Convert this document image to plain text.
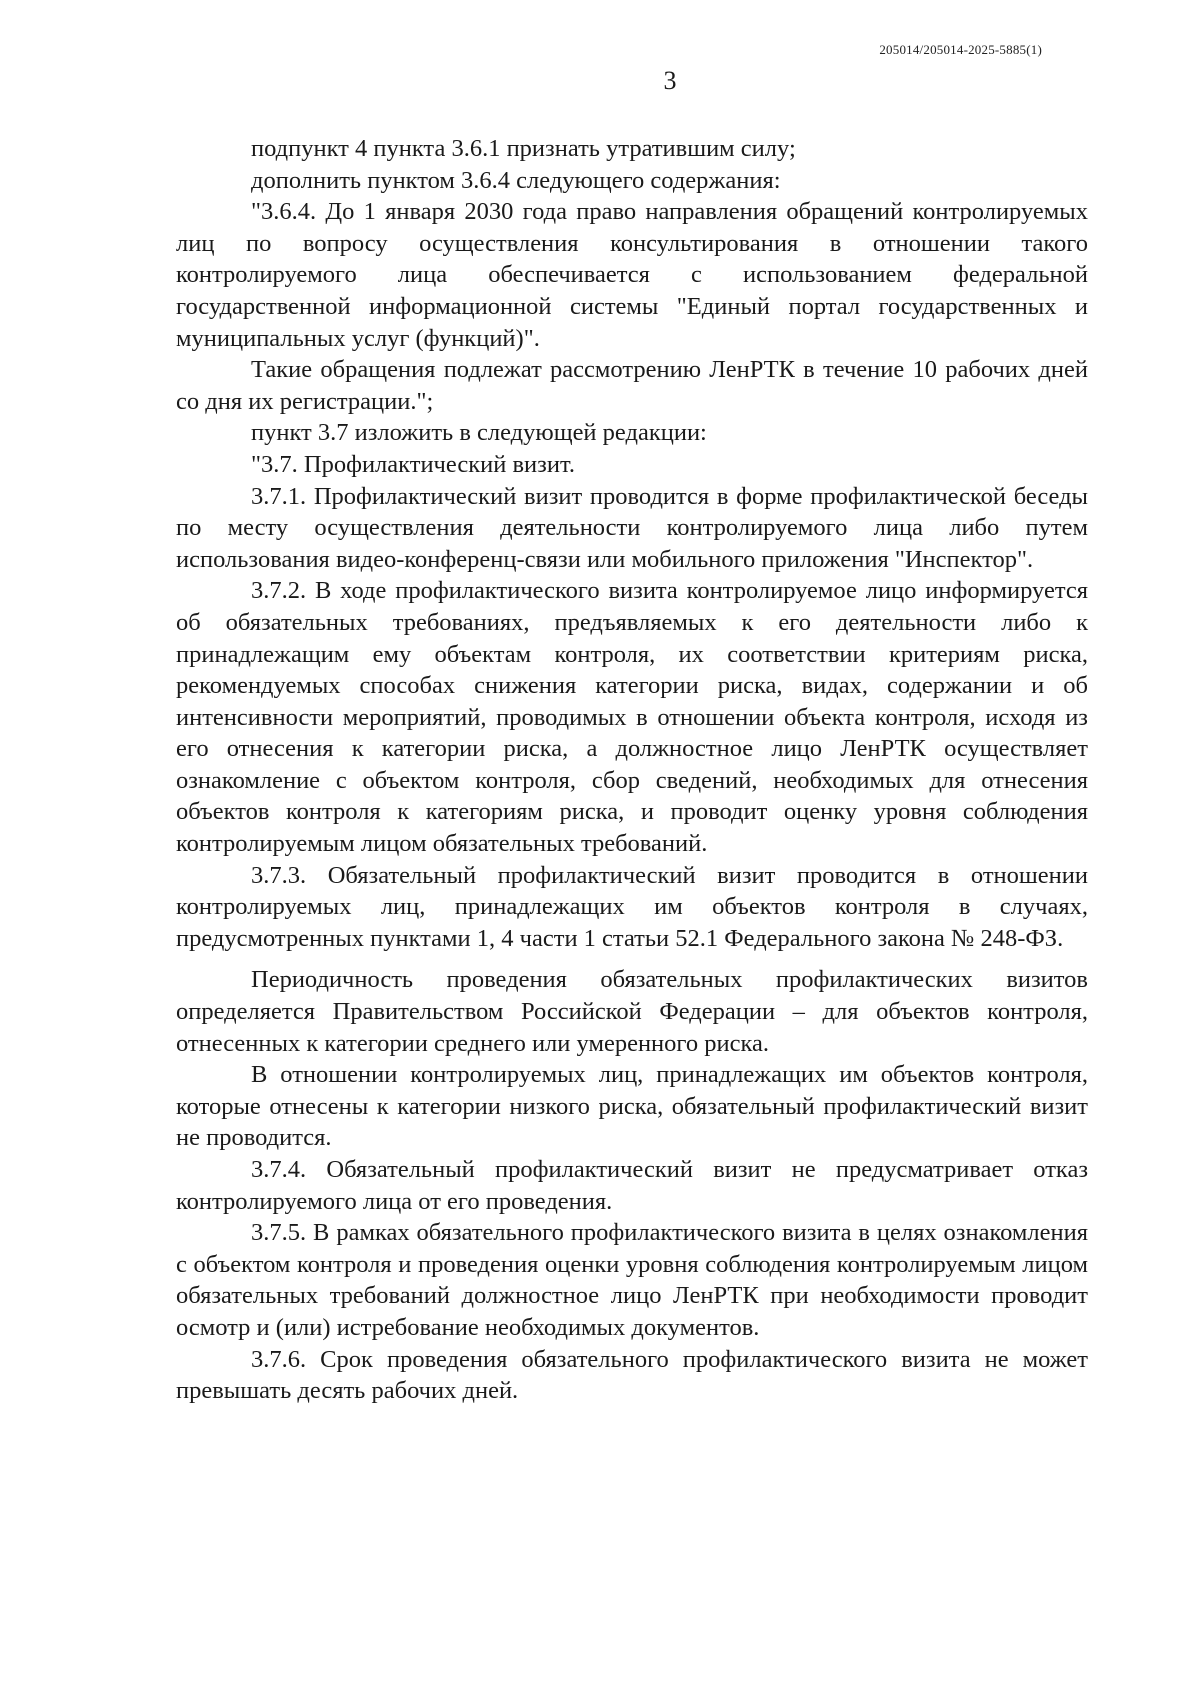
205014/205014-2025-5885(1)
3

подпункт 4 пункта 3.6.1 признать утратившим силу;

дополнить пунктом 3.6.4 следующего содержания:

"3.6.4. До 1 января 2030 года право направления обращений контролируемых лиц по вопросу осуществления консультирования в отношении такого контролируемого лица обеспечивается с использованием федеральной государственной информационной системы "Единый портал государственных и муниципальных услуг (функций)".

Такие обращения подлежат рассмотрению ЛенРТК в течение 10 рабочих дней со дня их регистрации.";

пункт 3.7 изложить в следующей редакции:

"3.7. Профилактический визит.

3.7.1. Профилактический визит проводится в форме профилактической беседы по месту осуществления деятельности контролируемого лица либо путем использования видео-конференц-связи или мобильного приложения "Инспектор".

3.7.2. В ходе профилактического визита контролируемое лицо информируется об обязательных требованиях, предъявляемых к его деятельности либо к принадлежащим ему объектам контроля, их соответствии критериям риска, рекомендуемых способах снижения категории риска, видах, содержании и об интенсивности мероприятий, проводимых в отношении объекта контроля, исходя из его отнесения к категории риска, а должностное лицо ЛенРТК осуществляет ознакомление с объектом контроля, сбор сведений, необходимых для отнесения объектов контроля к категориям риска, и проводит оценку уровня соблюдения контролируемым лицом обязательных требований.

3.7.3. Обязательный профилактический визит проводится в отношении контролируемых лиц, принадлежащих им объектов контроля в случаях, предусмотренных пунктами 1, 4 части 1 статьи 52.1 Федерального закона № 248-ФЗ.

Периодичность проведения обязательных профилактических визитов определяется Правительством Российской Федерации – для объектов контроля, отнесенных к категории среднего или умеренного риска.

В отношении контролируемых лиц, принадлежащих им объектов контроля, которые отнесены к категории низкого риска, обязательный профилактический визит не проводится.

3.7.4. Обязательный профилактический визит не предусматривает отказ контролируемого лица от его проведения.

3.7.5. В рамках обязательного профилактического визита в целях ознакомления с объектом контроля и проведения оценки уровня соблюдения контролируемым лицом обязательных требований должностное лицо ЛенРТК при необходимости проводит осмотр и (или) истребование необходимых документов.

3.7.6. Срок проведения обязательного профилактического визита не может превышать десять рабочих дней.
